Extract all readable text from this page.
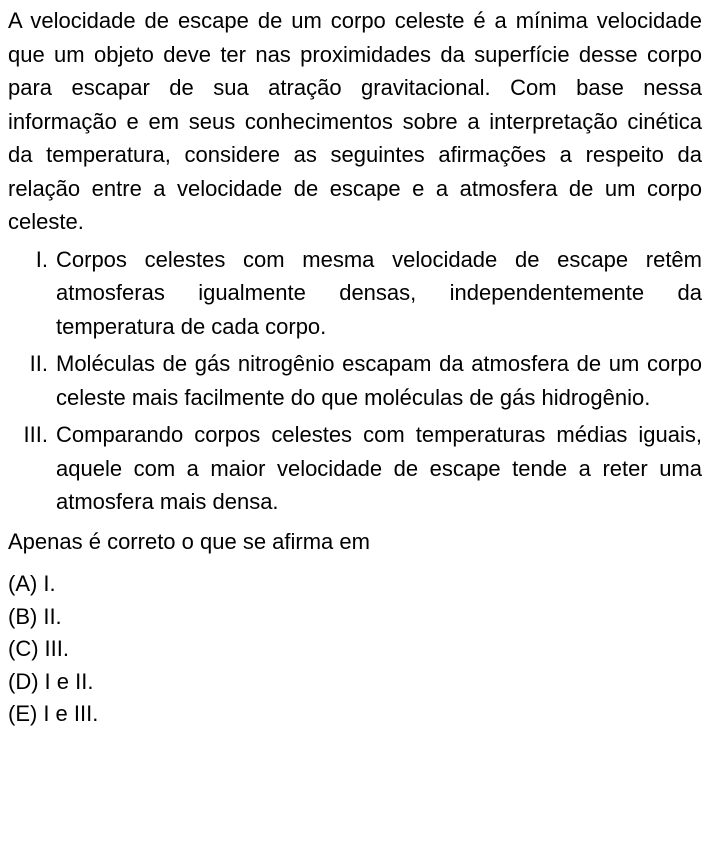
A velocidade de escape de um corpo celeste é a mínima velocidade que um objeto deve ter nas proximidades da superfície desse corpo para escapar de sua atração gravitacional. Com base nessa informação e em seus conhecimentos sobre a interpretação cinética da temperatura, considere as seguintes afirmações a respeito da relação entre a velocidade de escape e a atmosfera de um corpo celeste.

I. Corpos celestes com mesma velocidade de escape retêm atmosferas igualmente densas, independentemente da temperatura de cada corpo.
II. Moléculas de gás nitrogênio escapam da atmosfera de um corpo celeste mais facilmente do que moléculas de gás hidrogênio.
III. Comparando corpos celestes com temperaturas médias iguais, aquele com a maior velocidade de escape tende a reter uma atmosfera mais densa.

Apenas é correto o que se afirma em

(A) I.
(B) II.
(C) III.
(D) I e II.
(E) I e III.
